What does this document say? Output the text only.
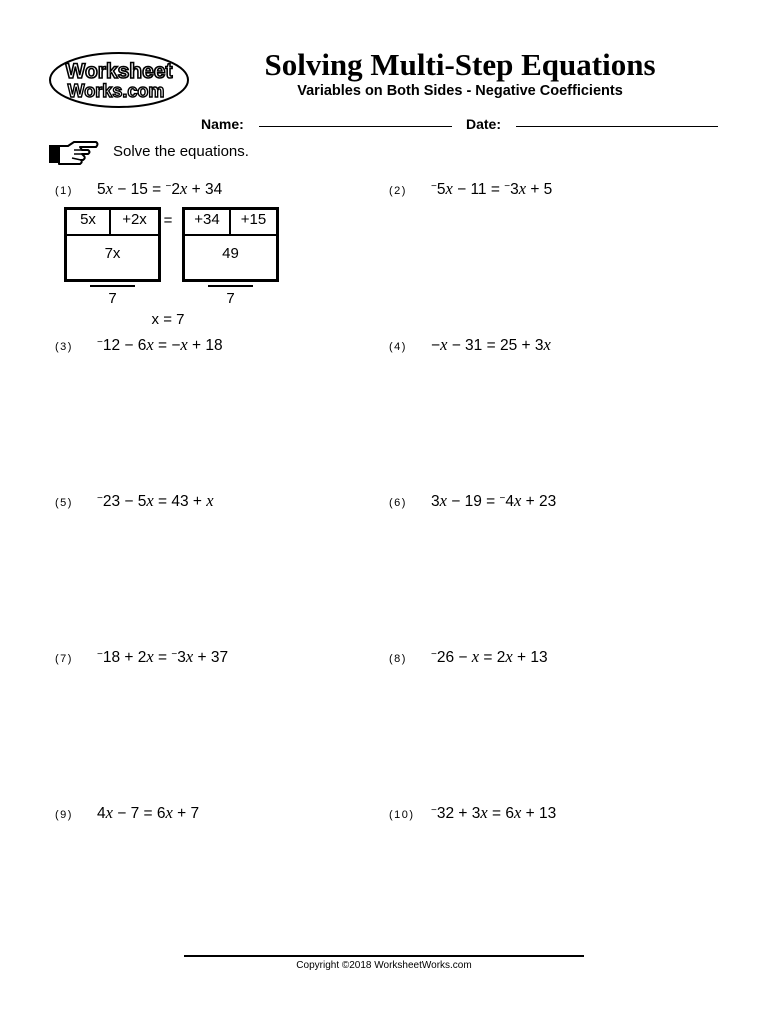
Worksheet
Works.com
Solving Multi-Step Equations
Variables on Both Sides - Negative Coefficients
Name:	Date:
Solve the equations.
(1)	(2)
(3)	(4)
(5)	(6)
(7)	(8)
(9)	(10)
5x − 15 = −2x + 34	−5x − 11 = −3x + 5
−12 − 6x = −x + 18	−x − 31 = 25 + 3x
−23 − 5x = 43 + x	3x − 19 = −4x + 23
−18 + 2x = −3x + 37	−26 − x = 2x + 13
4x − 7 = 6x + 7	−32 + 3x = 6x + 13
5x	+2x
7x
=	+34	+15
49
7	7
x = 7
Copyright ©2018 WorksheetWorks.com
